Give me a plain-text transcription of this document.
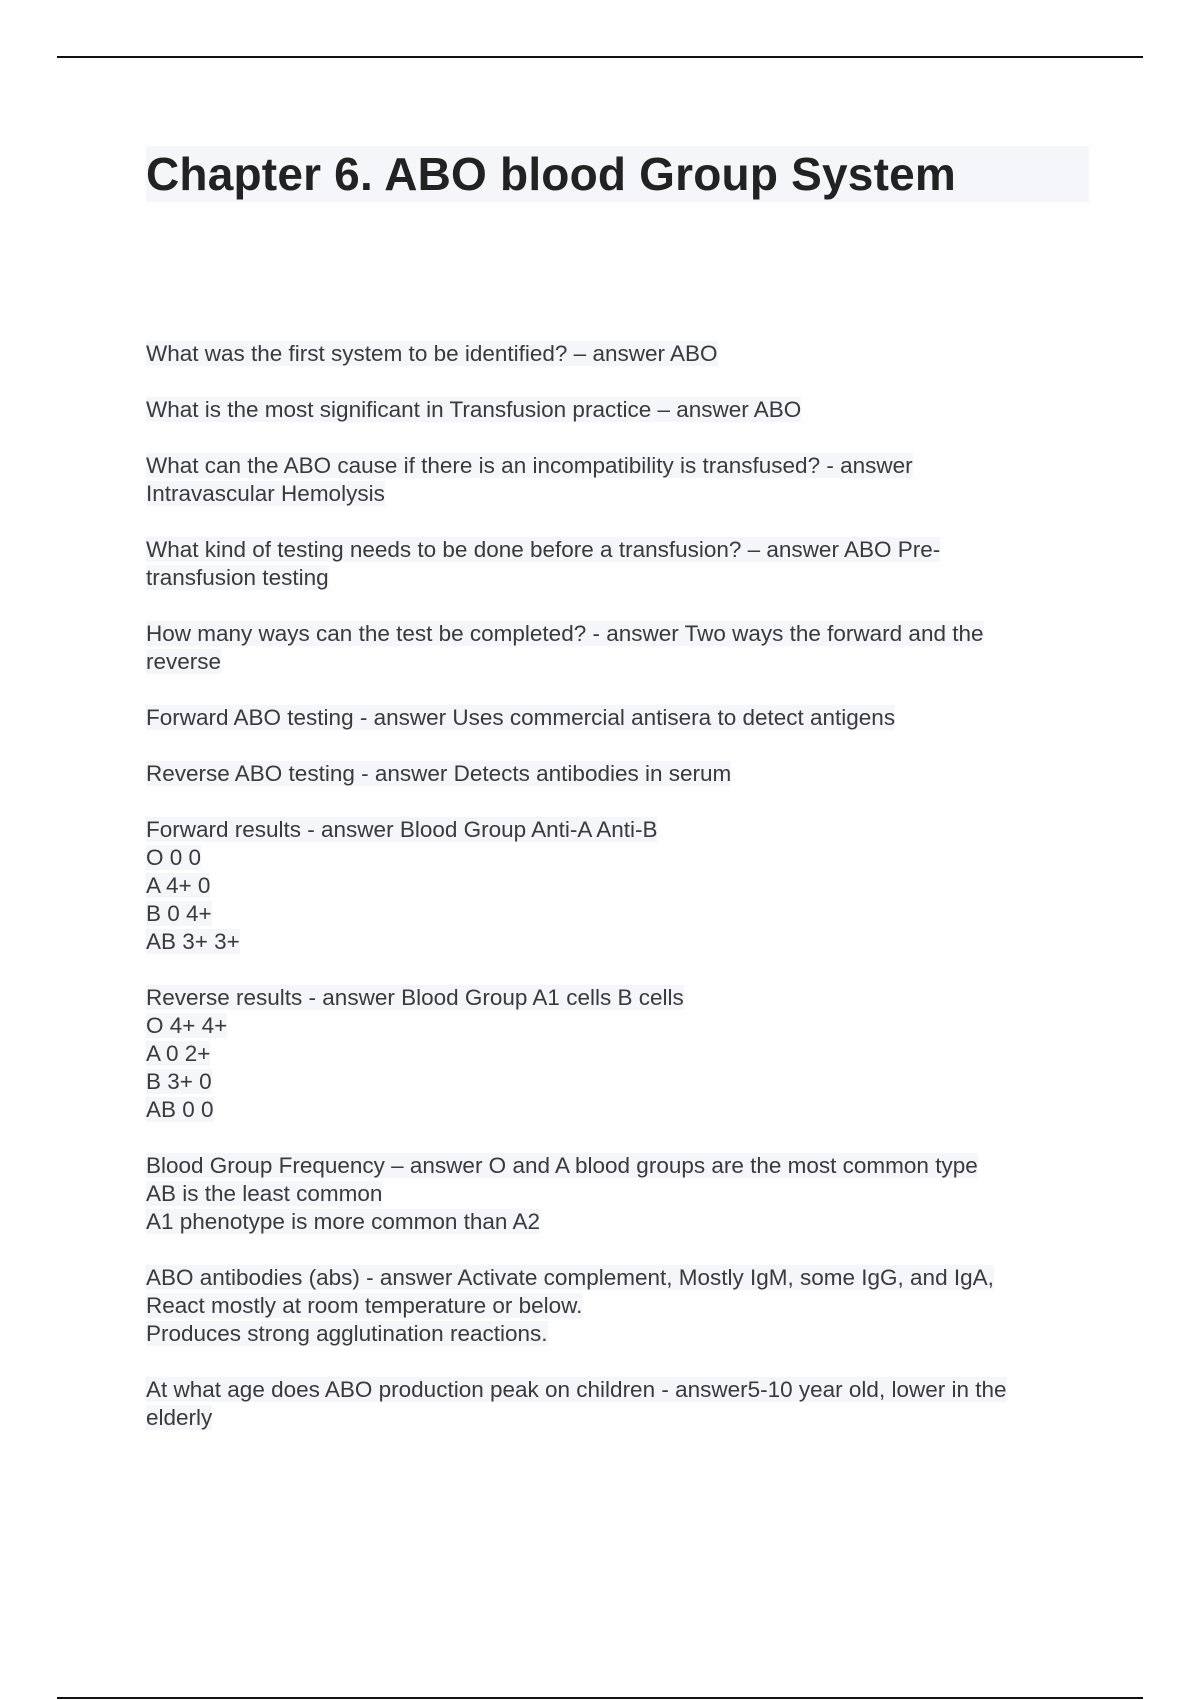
Chapter 6. ABO blood Group System
What was the first system to be identified? – answer ABO
What is the most significant in Transfusion practice – answer ABO
What can the ABO cause if there is an incompatibility is transfused? - answer
Intravascular Hemolysis
What kind of testing needs to be done before a transfusion? – answer ABO Pre-
transfusion testing
How many ways can the test be completed? - answer Two ways the forward and the
reverse
Forward ABO testing - answer Uses commercial antisera to detect antigens
Reverse ABO testing - answer Detects antibodies in serum
Forward results - answer Blood Group Anti-A Anti-B
O 0 0
A 4+ 0
B 0 4+
AB 3+ 3+
Reverse results - answer Blood Group A1 cells B cells
O 4+ 4+
A 0 2+
B 3+ 0
AB 0 0
Blood Group Frequency – answer O and A blood groups are the most common type
AB is the least common
A1 phenotype is more common than A2
ABO antibodies (abs) - answer Activate complement, Mostly IgM, some IgG, and IgA,
React mostly at room temperature or below.
Produces strong agglutination reactions.
At what age does ABO production peak on children - answer5-10 year old, lower in the
elderly
